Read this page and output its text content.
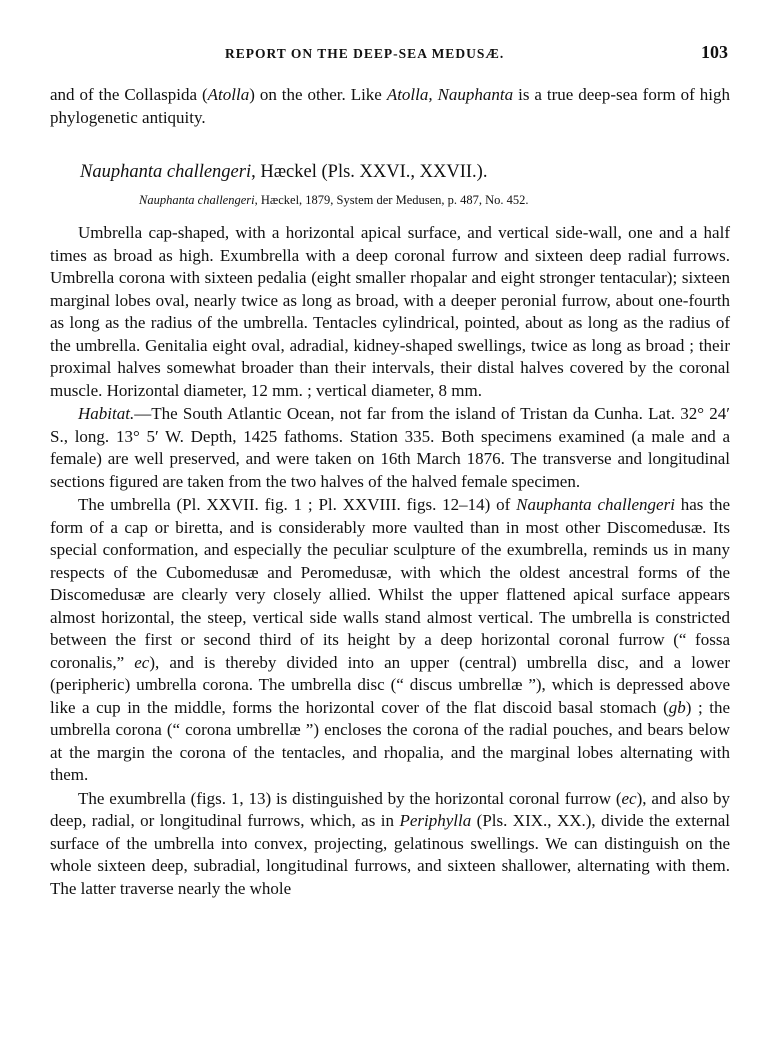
REPORT ON THE DEEP-SEA MEDUSÆ.	103

and of the Collaspida (Atolla) on the other. Like Atolla, Nauphanta is a true deep-sea form of high phylogenetic antiquity.

Nauphanta challengeri, Hæckel (Pls. XXVI., XXVII.).

Nauphanta challengeri, Hæckel, 1879, System der Medusen, p. 487, No. 452.

Umbrella cap-shaped, with a horizontal apical surface, and vertical side-wall, one and a half times as broad as high. Exumbrella with a deep coronal furrow and sixteen deep radial furrows. Umbrella corona with sixteen pedalia (eight smaller rhopalar and eight stronger tentacular); sixteen marginal lobes oval, nearly twice as long as broad, with a deeper peronial furrow, about one-fourth as long as the radius of the umbrella. Tentacles cylindrical, pointed, about as long as the radius of the umbrella. Genitalia eight oval, adradial, kidney-shaped swellings, twice as long as broad ; their proximal halves somewhat broader than their intervals, their distal halves covered by the coronal muscle. Horizontal diameter, 12 mm. ; vertical diameter, 8 mm.

Habitat.—The South Atlantic Ocean, not far from the island of Tristan da Cunha. Lat. 32° 24′ S., long. 13° 5′ W. Depth, 1425 fathoms. Station 335. Both specimens examined (a male and a female) are well preserved, and were taken on 16th March 1876. The transverse and longitudinal sections figured are taken from the two halves of the halved female specimen.

The umbrella (Pl. XXVII. fig. 1 ; Pl. XXVIII. figs. 12–14) of Nauphanta challengeri has the form of a cap or biretta, and is considerably more vaulted than in most other Discomedusæ. Its special conformation, and especially the peculiar sculpture of the exumbrella, reminds us in many respects of the Cubomedusæ and Peromedusæ, with which the oldest ancestral forms of the Discomedusæ are clearly very closely allied. Whilst the upper flattened apical surface appears almost horizontal, the steep, vertical side walls stand almost vertical. The umbrella is constricted between the first or second third of its height by a deep horizontal coronal furrow (“ fossa coronalis,” ec), and is thereby divided into an upper (central) umbrella disc, and a lower (peripheric) umbrella corona. The umbrella disc (“ discus umbrellæ ”), which is depressed above like a cup in the middle, forms the horizontal cover of the flat discoid basal stomach (gb) ; the umbrella corona (“ corona umbrellæ ”) encloses the corona of the radial pouches, and bears below at the margin the corona of the tentacles, and rhopalia, and the marginal lobes alternating with them.

The exumbrella (figs. 1, 13) is distinguished by the horizontal coronal furrow (ec), and also by deep, radial, or longitudinal furrows, which, as in Periphylla (Pls. XIX., XX.), divide the external surface of the umbrella into convex, projecting, gelatinous swellings. We can distinguish on the whole sixteen deep, subradial, longitudinal furrows, and sixteen shallower, alternating with them. The latter traverse nearly the whole
